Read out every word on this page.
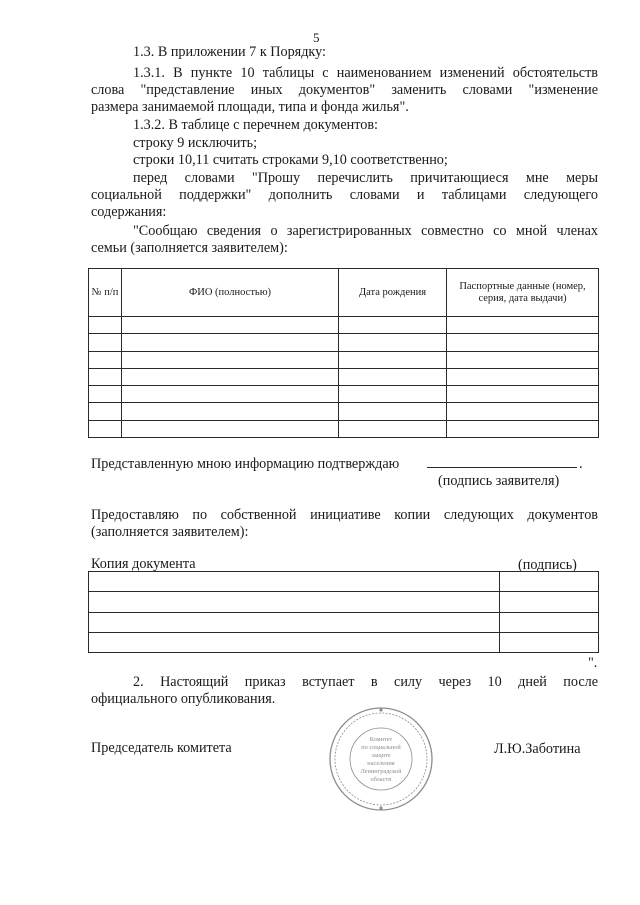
5
1.3. В приложении 7 к Порядку:
1.3.1. В пункте 10 таблицы с наименованием изменений обстоятельств
слова "представление иных документов" заменить словами "изменение
размера занимаемой площади, типа и фонда жилья".
1.3.2. В таблице с перечнем документов:
строку 9 исключить;
строки 10,11 считать строками 9,10 соответственно;
перед словами "Прошу перечислить причитающиеся мне меры
социальной поддержки" дополнить словами и таблицами следующего
содержания:
"Сообщаю сведения о зарегистрированных совместно со мной членах
семьи (заполняется заявителем):
№ п/п	ФИО (полностью)	Дата рождения	Паспортные данные (номер, серия, дата выдачи)

Представленную мною информацию подтверждаю	.
(подпись заявителя)
Предоставляю по собственной инициативе копии следующих документов
(заполняется заявителем):
Копия документа	(подпись)

".
2. Настоящий приказ вступает в силу через 10 дней после
официального опубликования.
Председатель комитета	Л.Ю.Заботина
Комитет
по социальной
защите
населения
Ленинградской
области
